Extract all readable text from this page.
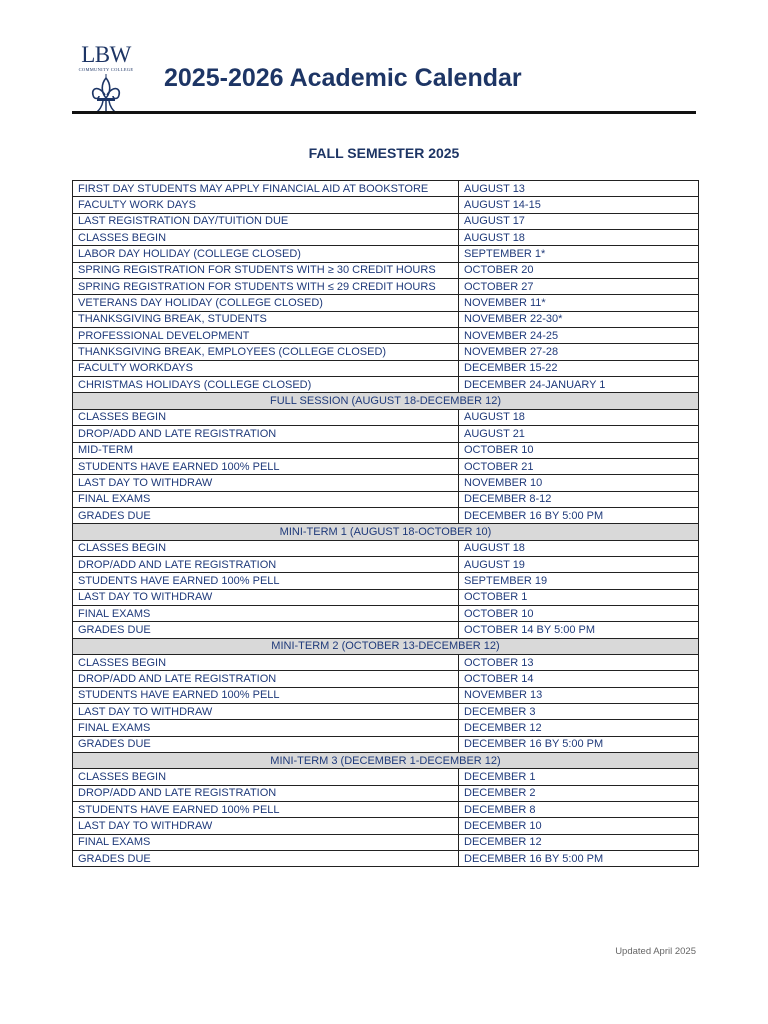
LBW
COMMUNITY COLLEGE 2025-2026 Academic Calendar
FALL SEMESTER 2025
FIRST DAY STUDENTS MAY APPLY FINANCIAL AID AT BOOKSTORE	AUGUST 13
FACULTY WORK DAYS	AUGUST 14-15
LAST REGISTRATION DAY/TUITION DUE	AUGUST 17
CLASSES BEGIN	AUGUST 18
LABOR DAY HOLIDAY (COLLEGE CLOSED)	SEPTEMBER 1*
SPRING REGISTRATION FOR STUDENTS WITH ≥ 30 CREDIT HOURS	OCTOBER 20
SPRING REGISTRATION FOR STUDENTS WITH ≤ 29 CREDIT HOURS	OCTOBER 27
VETERANS DAY HOLIDAY (COLLEGE CLOSED)	NOVEMBER 11*
THANKSGIVING BREAK, STUDENTS	NOVEMBER 22-30*
PROFESSIONAL DEVELOPMENT	NOVEMBER 24-25
THANKSGIVING BREAK, EMPLOYEES (COLLEGE CLOSED)	NOVEMBER 27-28
FACULTY WORKDAYS	DECEMBER 15-22
CHRISTMAS HOLIDAYS (COLLEGE CLOSED)	DECEMBER 24-JANUARY 1
FULL SESSION (AUGUST 18-DECEMBER 12)	
CLASSES BEGIN	AUGUST 18
DROP/ADD AND LATE REGISTRATION	AUGUST 21
MID-TERM	OCTOBER 10
STUDENTS HAVE EARNED 100% PELL	OCTOBER 21
LAST DAY TO WITHDRAW	NOVEMBER 10
FINAL EXAMS	DECEMBER 8-12
GRADES DUE	DECEMBER 16 BY 5:00 PM
MINI-TERM 1 (AUGUST 18-OCTOBER 10)	
CLASSES BEGIN	AUGUST 18
DROP/ADD AND LATE REGISTRATION	AUGUST 19
STUDENTS HAVE EARNED 100% PELL	SEPTEMBER 19
LAST DAY TO WITHDRAW	OCTOBER 1
FINAL EXAMS	OCTOBER 10
GRADES DUE	OCTOBER 14 BY 5:00 PM
MINI-TERM 2 (OCTOBER 13-DECEMBER 12)	
CLASSES BEGIN	OCTOBER 13
DROP/ADD AND LATE REGISTRATION	OCTOBER 14
STUDENTS HAVE EARNED 100% PELL	NOVEMBER 13
LAST DAY TO WITHDRAW	DECEMBER 3
FINAL EXAMS	DECEMBER 12
GRADES DUE	DECEMBER 16 BY 5:00 PM
MINI-TERM 3 (DECEMBER 1-DECEMBER 12)	
CLASSES BEGIN	DECEMBER 1
DROP/ADD AND LATE REGISTRATION	DECEMBER 2
STUDENTS HAVE EARNED 100% PELL	DECEMBER 8
LAST DAY TO WITHDRAW	DECEMBER 10
FINAL EXAMS	DECEMBER 12
GRADES DUE	DECEMBER 16 BY 5:00 PM
Updated April 2025
